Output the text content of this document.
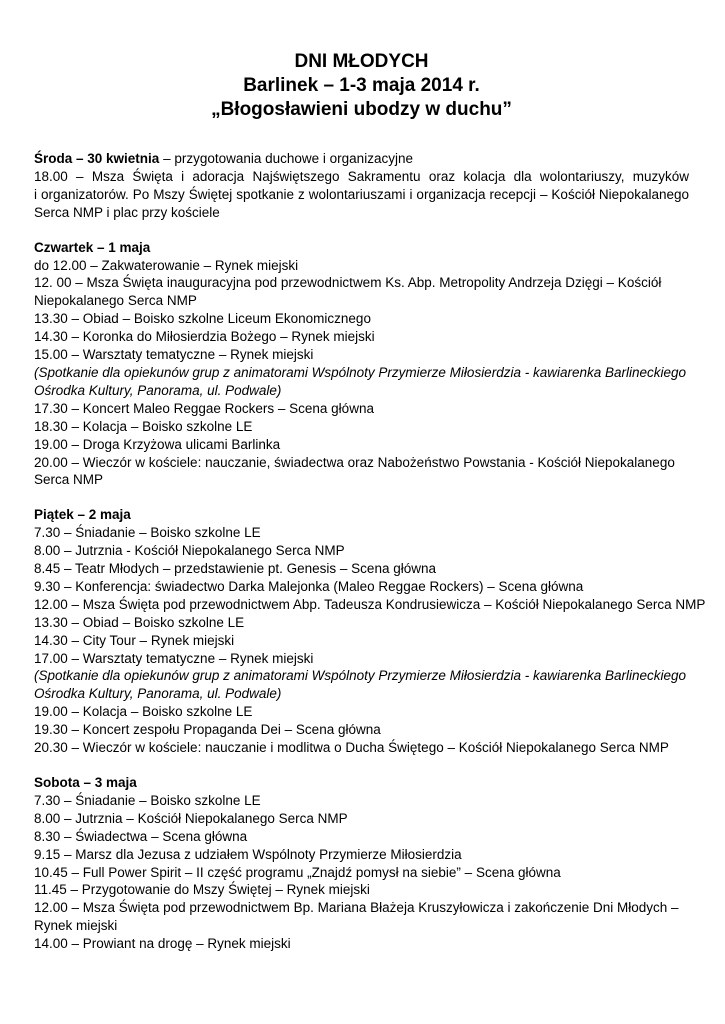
DNI MŁODYCH
Barlinek – 1-3 maja 2014 r.
„Błogosławieni ubodzy w duchu”
Środa – 30 kwietnia – przygotowania duchowe i organizacyjne
18.00 – Msza Święta i adoracja Najświętszego Sakramentu oraz kolacja dla wolontariuszy, muzyków
i organizatorów. Po Mszy Świętej spotkanie z wolontariuszami i organizacja recepcji – Kościół Niepokalanego
Serca NMP i plac przy kościele
Czwartek – 1 maja
do 12.00 – Zakwaterowanie – Rynek miejski
12. 00 – Msza Święta inauguracyjna pod przewodnictwem Ks. Abp. Metropolity Andrzeja Dzięgi – Kościół
Niepokalanego Serca NMP
13.30 – Obiad – Boisko szkolne Liceum Ekonomicznego
14.30 – Koronka do Miłosierdzia Bożego – Rynek miejski
15.00 – Warsztaty tematyczne – Rynek miejski
(Spotkanie dla opiekunów grup z animatorami Wspólnoty Przymierze Miłosierdzia - kawiarenka Barlineckiego
Ośrodka Kultury, Panorama, ul. Podwale)
17.30 – Koncert Maleo Reggae Rockers – Scena główna
18.30 – Kolacja – Boisko szkolne LE
19.00 – Droga Krzyżowa ulicami Barlinka
20.00 – Wieczór w kościele: nauczanie, świadectwa oraz Nabożeństwo Powstania - Kościół Niepokalanego
Serca NMP
Piątek – 2 maja
7.30 – Śniadanie – Boisko szkolne LE
8.00 – Jutrznia - Kościół Niepokalanego Serca NMP
8.45 – Teatr Młodych – przedstawienie pt. Genesis – Scena główna
9.30 – Konferencja: świadectwo Darka Malejonka (Maleo Reggae Rockers) – Scena główna
12.00 – Msza Święta pod przewodnictwem Abp. Tadeusza Kondrusiewicza – Kościół Niepokalanego Serca NMP
13.30 – Obiad – Boisko szkolne LE
14.30 – City Tour – Rynek miejski
17.00 – Warsztaty tematyczne – Rynek miejski
(Spotkanie dla opiekunów grup z animatorami Wspólnoty Przymierze Miłosierdzia - kawiarenka Barlineckiego
Ośrodka Kultury, Panorama, ul. Podwale)
19.00 – Kolacja – Boisko szkolne LE
19.30 – Koncert zespołu Propaganda Dei – Scena główna
20.30 – Wieczór w kościele: nauczanie i modlitwa o Ducha Świętego – Kościół Niepokalanego Serca NMP
Sobota – 3 maja
7.30 – Śniadanie – Boisko szkolne LE
8.00 – Jutrznia – Kościół Niepokalanego Serca NMP
8.30 – Świadectwa – Scena główna
9.15 – Marsz dla Jezusa z udziałem Wspólnoty Przymierze Miłosierdzia
10.45 – Full Power Spirit – II część programu „Znajdź pomysł na siebie” – Scena główna
11.45 – Przygotowanie do Mszy Świętej – Rynek miejski
12.00 – Msza Święta pod przewodnictwem Bp. Mariana Błażeja Kruszyłowicza i zakończenie Dni Młodych –
Rynek miejski
14.00 – Prowiant na drogę – Rynek miejski
